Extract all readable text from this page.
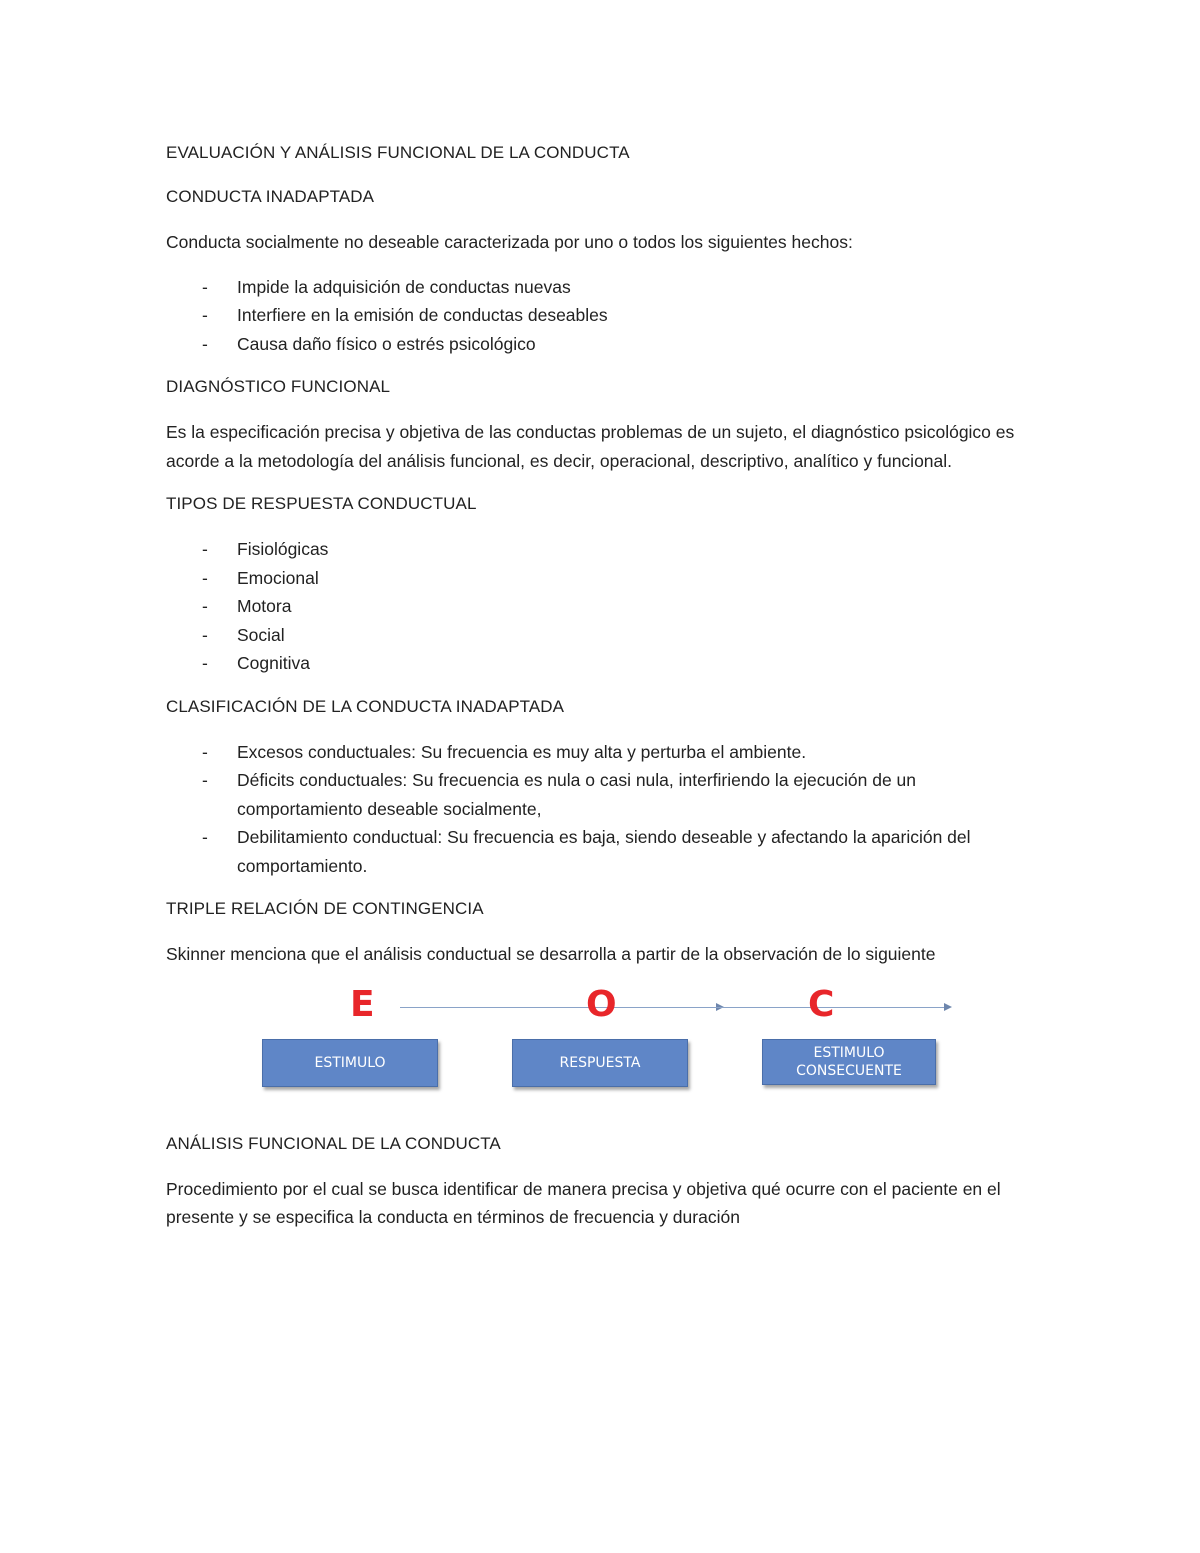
EVALUACIÓN Y ANÁLISIS FUNCIONAL DE LA CONDUCTA

CONDUCTA INADAPTADA

Conducta socialmente no deseable caracterizada por uno o todos los siguientes hechos:

- Impide la adquisición de conductas nuevas
- Interfiere en la emisión de conductas deseables
- Causa daño físico o estrés psicológico

DIAGNÓSTICO FUNCIONAL

Es la especificación precisa y objetiva de las conductas problemas de un sujeto, el diagnóstico psicológico es acorde a la metodología del análisis funcional, es decir, operacional, descriptivo, analítico y funcional.

TIPOS DE RESPUESTA CONDUCTUAL

- Fisiológicas
- Emocional
- Motora
- Social
- Cognitiva

CLASIFICACIÓN DE LA CONDUCTA INADAPTADA

- Excesos conductuales: Su frecuencia es muy alta y perturba el ambiente.
- Déficits conductuales: Su frecuencia es nula o casi nula, interfiriendo la ejecución de un comportamiento deseable socialmente,
- Debilitamiento conductual: Su frecuencia es baja, siendo deseable y afectando la aparición del comportamiento.

TRIPLE RELACIÓN DE CONTINGENCIA

Skinner menciona que el análisis conductual se desarrolla a partir de la observación de lo siguiente

E	O	C
ESTIMULO	RESPUESTA
ESTIMULO CONSECUENTE

ANÁLISIS FUNCIONAL DE LA CONDUCTA

Procedimiento por el cual se busca identificar de manera precisa y objetiva qué ocurre con el paciente en el presente y se especifica la conducta en términos de frecuencia y duración
